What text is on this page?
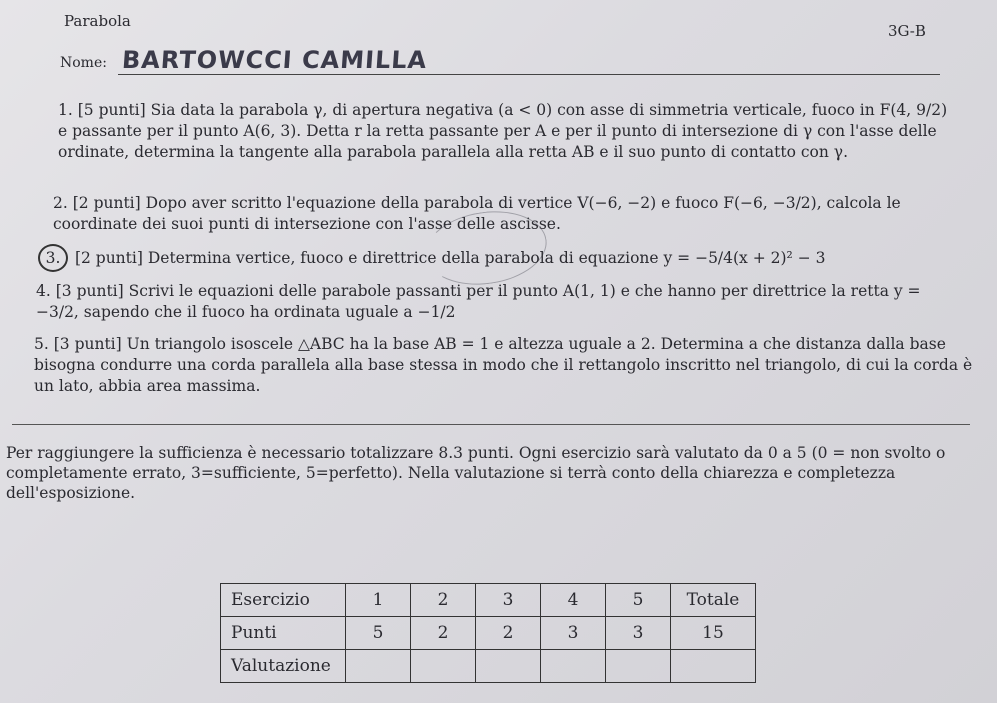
Parabola
3G-B
Nome: BARTOWCCI CAMILLA
1. [5 punti] Sia data la parabola γ, di apertura negativa (a < 0) con asse di simmetria verticale, fuoco in F(4, 9/2) e passante per il punto A(6, 3). Detta r la retta passante per A e per il punto di intersezione di γ con l'asse delle ordinate, determina la tangente alla parabola parallela alla retta AB e il suo punto di contatto con γ.
2. [2 punti] Dopo aver scritto l'equazione della parabola di vertice V(−6, −2) e fuoco F(−6, −3/2), calcola le coordinate dei suoi punti di intersezione con l'asse delle ascisse.
3. [2 punti] Determina vertice, fuoco e direttrice della parabola di equazione y = −5/4(x + 2)² − 3
4. [3 punti] Scrivi le equazioni delle parabole passanti per il punto A(1, 1) e che hanno per direttrice la retta y = −3/2, sapendo che il fuoco ha ordinata uguale a −1/2
5. [3 punti] Un triangolo isoscele △ABC ha la base AB = 1 e altezza uguale a 2. Determina a che distanza dalla base bisogna condurre una corda parallela alla base stessa in modo che il rettangolo inscritto nel triangolo, di cui la corda è un lato, abbia area massima.
Per raggiungere la sufficienza è necessario totalizzare 8.3 punti. Ogni esercizio sarà valutato da 0 a 5 (0 = non svolto o completamente errato, 3=sufficiente, 5=perfetto). Nella valutazione si terrà conto della chiarezza e completezza dell'esposizione.
Esercizio	1	2	3	4	5	Totale
Punti	5	2	2	3	3	15
Valutazione						
